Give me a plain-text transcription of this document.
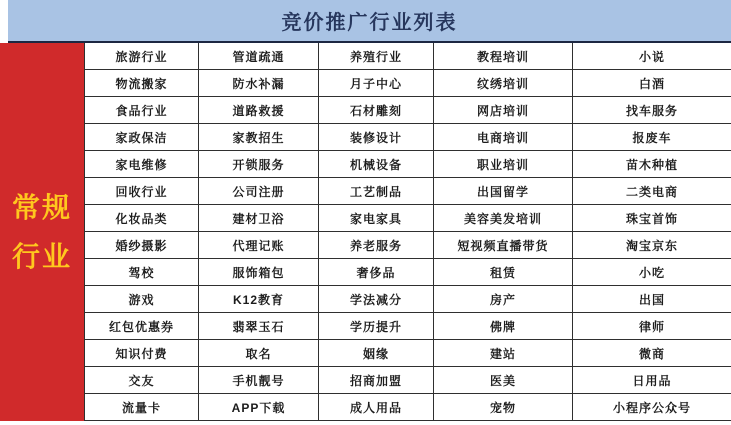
竞价推广行业列表
常规
行业
旅游行业	管道疏通	养殖行业	教程培训	小说
物流搬家	防水补漏	月子中心	纹绣培训	白酒
食品行业	道路救援	石材雕刻	网店培训	找车服务
家政保洁	家教招生	装修设计	电商培训	报废车
家电维修	开锁服务	机械设备	职业培训	苗木种植
回收行业	公司注册	工艺制品	出国留学	二类电商
化妆品类	建材卫浴	家电家具	美容美发培训	珠宝首饰
婚纱摄影	代理记账	养老服务	短视频直播带货	淘宝京东
驾校	服饰箱包	奢侈品	租赁	小吃
游戏	K12教育	学法减分	房产	出国
红包优惠券	翡翠玉石	学历提升	佛牌	律师
知识付费	取名	姻缘	建站	微商
交友	手机靓号	招商加盟	医美	日用品
流量卡	APP下载	成人用品	宠物	小程序公众号
